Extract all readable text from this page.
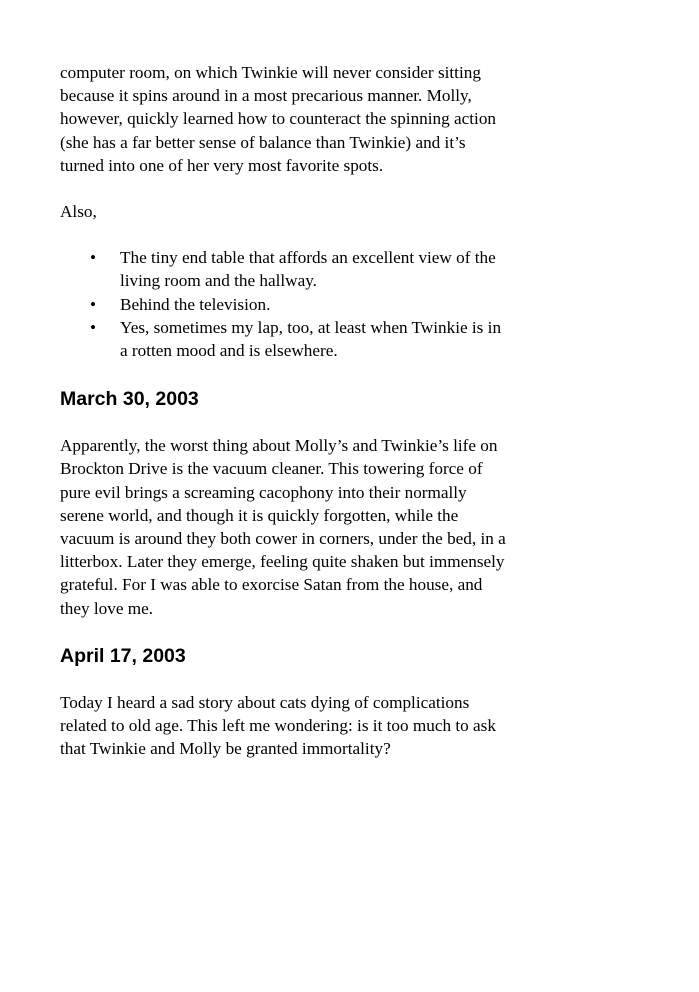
computer room, on which Twinkie will never consider sitting
because it spins around in a most precarious manner. Molly,
however, quickly learned how to counteract the spinning action
(she has a far better sense of balance than Twinkie) and it’s
turned into one of her very most favorite spots.

Also,

• The tiny end table that affords an excellent view of the
living room and the hallway.
• Behind the television.
• Yes, sometimes my lap, too, at least when Twinkie is in
a rotten mood and is elsewhere.
March 30, 2003

Apparently, the worst thing about Molly’s and Twinkie’s life on
Brockton Drive is the vacuum cleaner. This towering force of
pure evil brings a screaming cacophony into their normally
serene world, and though it is quickly forgotten, while the
vacuum is around they both cower in corners, under the bed, in a
litterbox. Later they emerge, feeling quite shaken but immensely
grateful. For I was able to exorcise Satan from the house, and
they love me.

April 17, 2003

Today I heard a sad story about cats dying of complications
related to old age. This left me wondering: is it too much to ask
that Twinkie and Molly be granted immortality?
